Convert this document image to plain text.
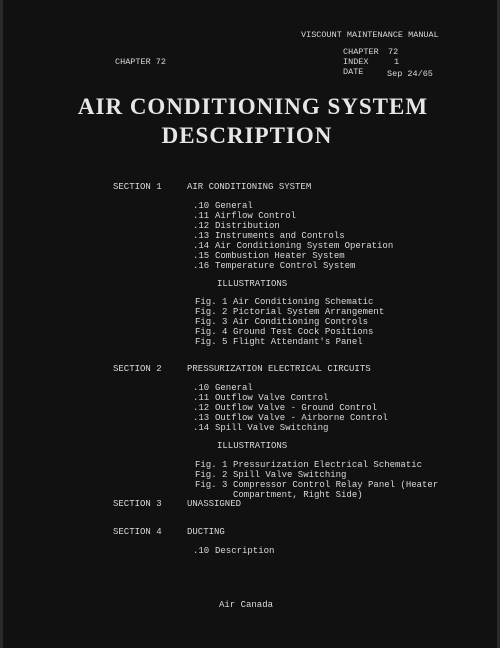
VISCOUNT MAINTENANCE MANUAL
CHAPTER 72
CHAPTER 72
INDEX	1
DATE	Sep 24/65
AIR CONDITIONING SYSTEM
DESCRIPTION
SECTION 1	AIR CONDITIONING SYSTEM
.10 General
.11 Airflow Control
.12 Distribution
.13 Instruments and Controls
.14 Air Conditioning System Operation
.15 Combustion Heater System
.16 Temperature Control System
ILLUSTRATIONS
Fig. 1 Air Conditioning Schematic
Fig. 2 Pictorial System Arrangement
Fig. 3 Air Conditioning Controls
Fig. 4 Ground Test Cock Positions
Fig. 5 Flight Attendant's Panel
SECTION 2	PRESSURIZATION ELECTRICAL CIRCUITS
.10 General
.11 Outflow Valve Control
.12 Outflow Valve - Ground Control
.13 Outflow Valve - Airborne Control
.14 Spill Valve Switching
ILLUSTRATIONS
Fig. 1 Pressurization Electrical Schematic
Fig. 2 Spill Valve Switching
Fig. 3 Compressor Control Relay Panel (Heater
Compartment, Right Side)
SECTION 3	UNASSIGNED
SECTION 4	DUCTING
.10 Description
Air Canada
